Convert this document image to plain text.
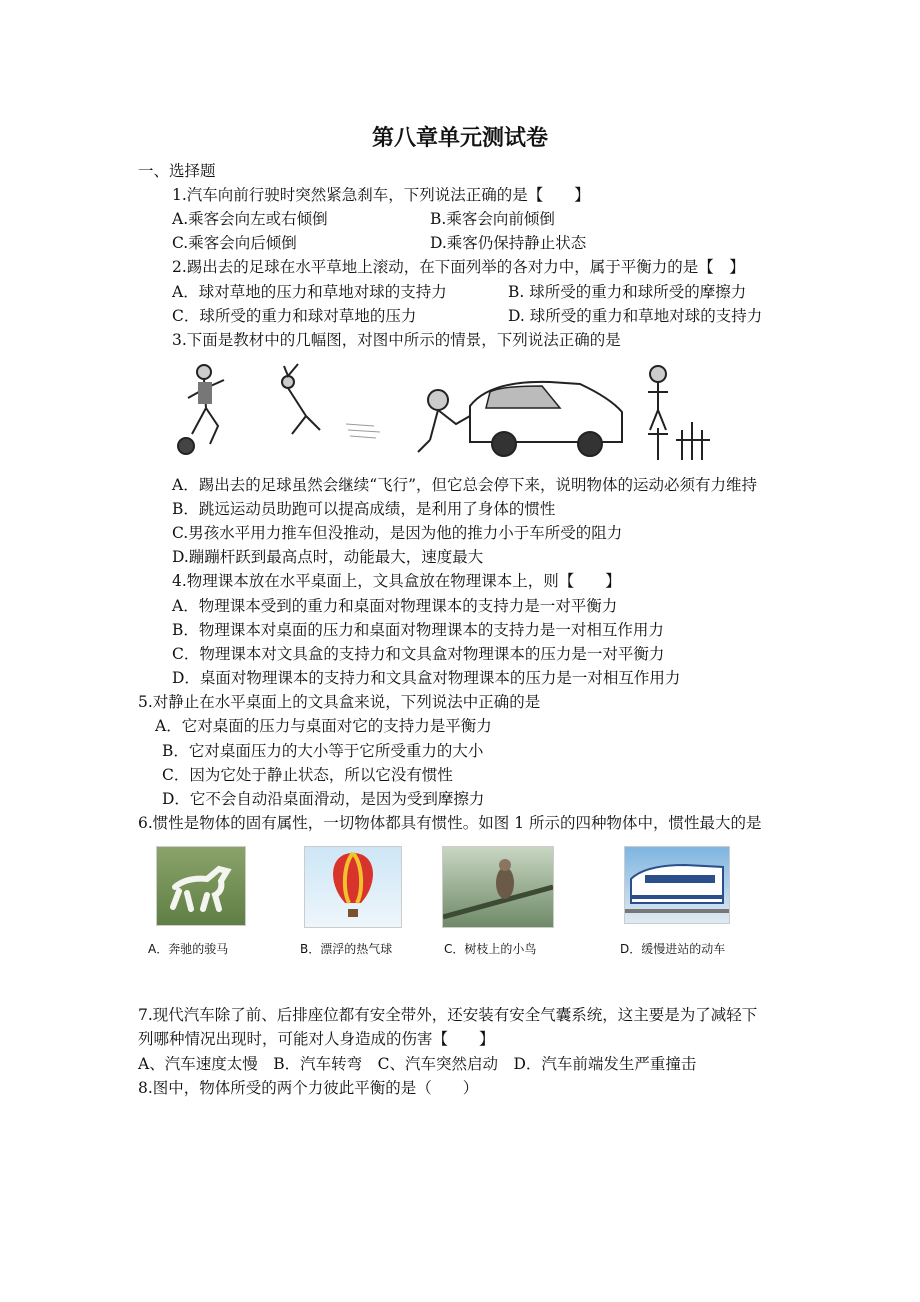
第八章单元测试卷
一、选择题
1.汽车向前行驶时突然紧急刹车，下列说法正确的是【　　】
A.乘客会向左或右倾倒	B.乘客会向前倾倒
C.乘客会向后倾倒	D.乘客仍保持静止状态
2.踢出去的足球在水平草地上滚动，在下面列举的各对力中，属于平衡力的是【　】
A．球对草地的压力和草地对球的支持力	B. 球所受的重力和球所受的摩擦力
C．球所受的重力和球对草地的压力	D. 球所受的重力和草地对球的支持力
3.下面是教材中的几幅图，对图中所示的情景，下列说法正确的是
A．踢出去的足球虽然会继续“飞行”，但它总会停下来，说明物体的运动必须有力维持
B．跳远运动员助跑可以提高成绩，是利用了身体的惯性
C.男孩水平用力推车但没推动，是因为他的推力小于车所受的阻力
D.蹦蹦杆跃到最高点时，动能最大，速度最大
4.物理课本放在水平桌面上，文具盒放在物理课本上，则【　　】
A．物理课本受到的重力和桌面对物理课本的支持力是一对平衡力
B．物理课本对桌面的压力和桌面对物理课本的支持力是一对相互作用力
C．物理课本对文具盒的支持力和文具盒对物理课本的压力是一对平衡力
D．桌面对物理课本的支持力和文具盒对物理课本的压力是一对相互作用力
5.对静止在水平桌面上的文具盒来说，下列说法中正确的是
A．它对桌面的压力与桌面对它的支持力是平衡力
B．它对桌面压力的大小等于它所受重力的大小
C．因为它处于静止状态，所以它没有惯性
D．它不会自动沿桌面滑动，是因为受到摩擦力
6.惯性是物体的固有属性，一切物体都具有惯性。如图 1 所示的四种物体中，惯性最大的是
A．奔驰的骏马	B．漂浮的热气球	C．树枝上的小鸟	D．缓慢进站的动车
7.现代汽车除了前、后排座位都有安全带外，还安装有安全气囊系统，这主要是为了减轻下
列哪种情况出现时，可能对人身造成的伤害【　　】
A、汽车速度太慢　B．汽车转弯　C、汽车突然启动　D．汽车前端发生严重撞击
8.图中，物体所受的两个力彼此平衡的是（　　）
